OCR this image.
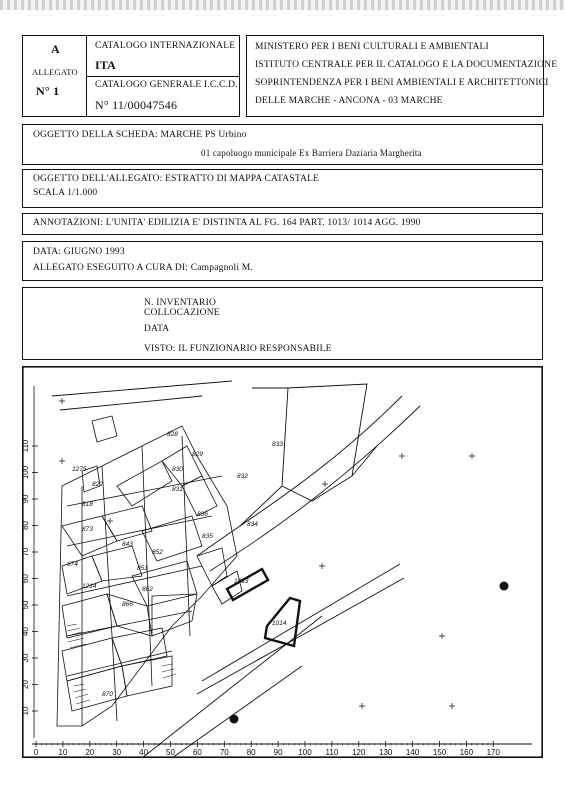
A
ALLEGATO
N° 1
CATALOGO INTERNAZIONALE
ITA
CATALOGO GENERALE I.C.C.D.
N° 11/00047546
MINISTERO PER I BENI CULTURALI E AMBIENTALI
ISTITUTO CENTRALE PER IL CATALOGO E LA DOCUMENTAZIONE
SOPRINTENDENZA PER I BENI AMBIENTALI E ARCHITETTONICI
DELLE MARCHE - ANCONA - 03 MARCHE
OGGETTO DELLA SCHEDA: MARCHE PS Urbino
01 capoluogo municipale Ex Barriera Daziaria Margherita
OGGETTO DELL'ALLEGATO: ESTRATTO DI MAPPA CATASTALE
SCALA 1/1.000
ANNOTAZIONI: L'UNITA' EDILIZIA E' DISTINTA AL FG. 164 PART. 1013/ 1014 AGG. 1990
DATA: GIUGNO 1993
ALLEGATO ESEGUITO A CURA DI: Campagnoli M.
N. INVENTARIO
COLLOCAZIONE
DATA
VISTO: IL FUNZIONARIO RESPONSABILE
10
20
30
40
50
60
70
80
90
100
110	833
832
834
829
830
831
828
836
835
852
851
862
866
1013
1014
1214
843
822
1275
873
874
870
818
0	10 20 30 40 50 60 70 80 90 100 110 120 130 140 150 160 170
